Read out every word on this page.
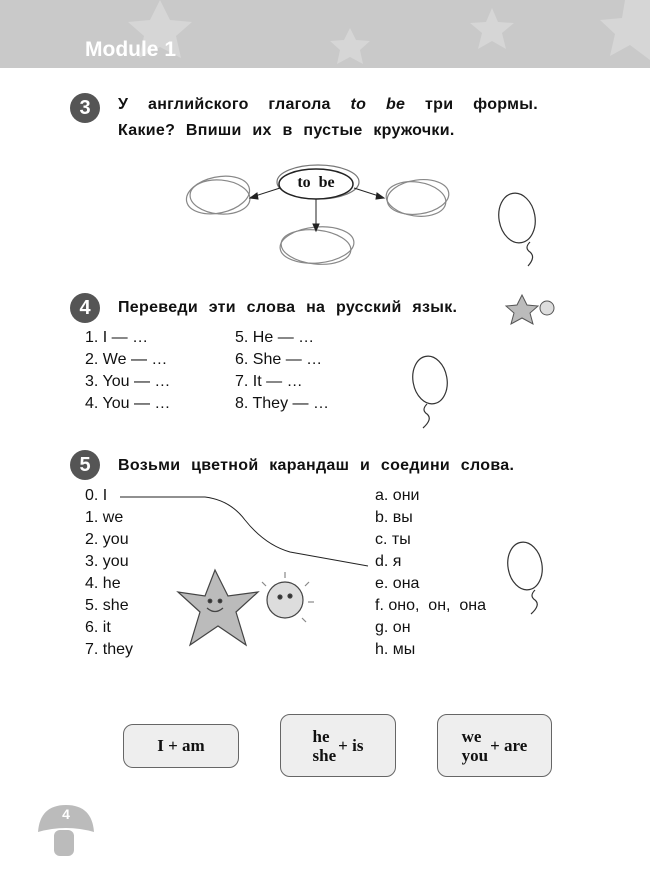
Module 1
3	У английского глагола to be три формы.
Какие? Впиши их в пустые кружочки.
to be
4	Переведи эти слова на русский язык.
1. I — …
2. We — …
3. You — …
4. You — …
5. He — …
6. She — …
7. It — …
8. They — …
5	Возьми цветной карандаш и соедини слова.
0. I
1. we
2. you
3. you
4. he
5. she
6. it
7. they
a. они
b. вы
c. ты
d. я
e. она
f. оно,  он,  она
g. он
h. мы
I
+ am	he
she
+ is	we
you
+ are
4
